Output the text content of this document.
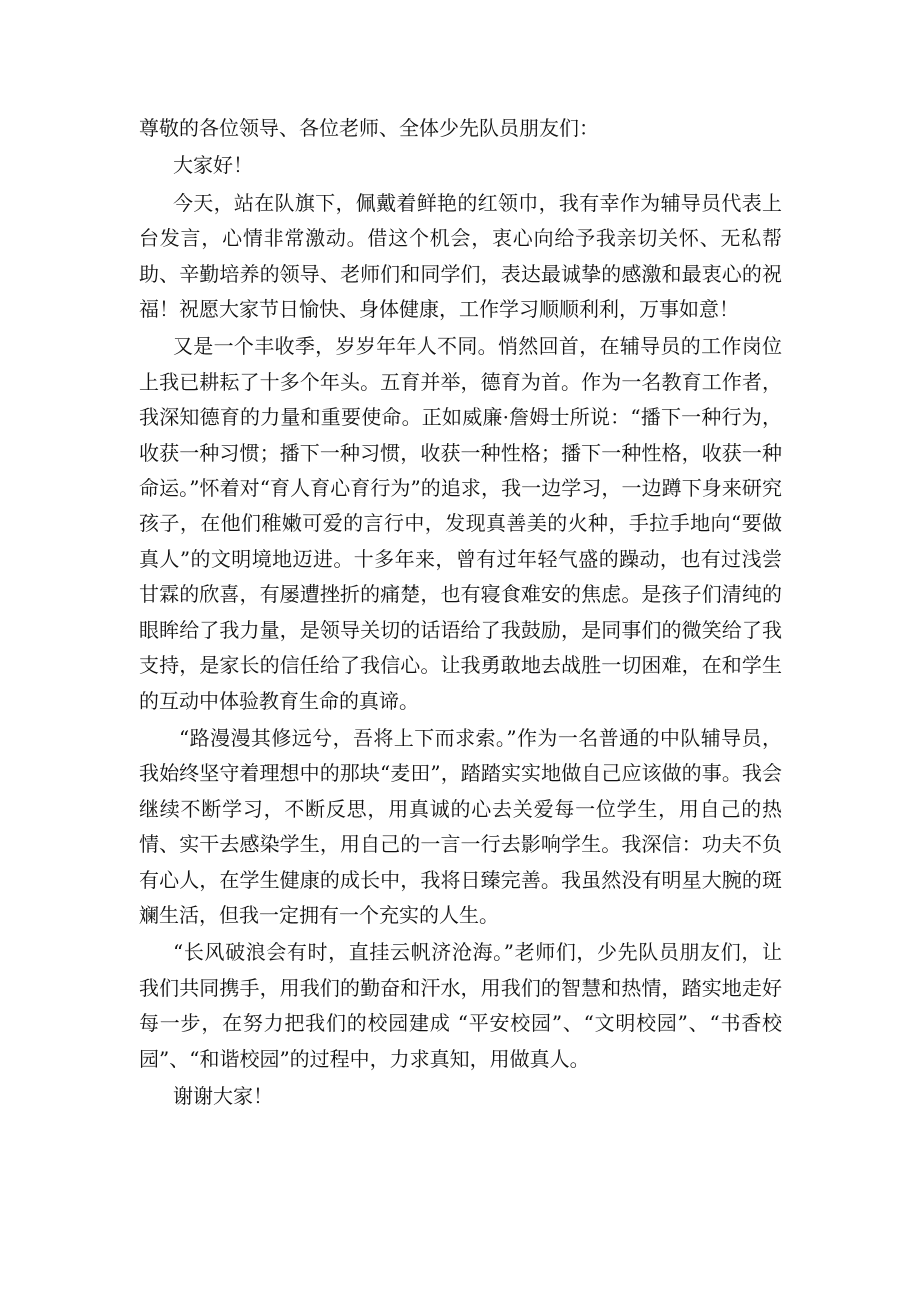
尊敬的各位领导、各位老师、全体少先队员朋友们：

大家好！

今天，站在队旗下，佩戴着鲜艳的红领巾，我有幸作为辅导员代表上台发言，心情非常激动。借这个机会，衷心向给予我亲切关怀、无私帮助、辛勤培养的领导、老师们和同学们，表达最诚挚的感激和最衷心的祝福！祝愿大家节日愉快、身体健康，工作学习顺顺利利，万事如意！

又是一个丰收季，岁岁年年人不同。悄然回首，在辅导员的工作岗位上我已耕耘了十多个年头。五育并举，德育为首。作为一名教育工作者，我深知德育的力量和重要使命。正如威廉·詹姆士所说：“播下一种行为，收获一种习惯；播下一种习惯，收获一种性格；播下一种性格，收获一种命运。”怀着对“育人育心育行为”的追求，我一边学习，一边蹲下身来研究孩子，在他们稚嫩可爱的言行中，发现真善美的火种，手拉手地向“要做真人”的文明境地迈进。十多年来，曾有过年轻气盛的躁动，也有过浅尝甘霖的欣喜，有屡遭挫折的痛楚，也有寝食难安的焦虑。是孩子们清纯的眼眸给了我力量，是领导关切的话语给了我鼓励，是同事们的微笑给了我支持，是家长的信任给了我信心。让我勇敢地去战胜一切困难，在和学生的互动中体验教育生命的真谛。

“路漫漫其修远兮，吾将上下而求索。”作为一名普通的中队辅导员，我始终坚守着理想中的那块“麦田”，踏踏实实地做自己应该做的事。我会继续不断学习，不断反思，用真诚的心去关爱每一位学生，用自己的热情、实干去感染学生，用自己的一言一行去影响学生。我深信：功夫不负有心人，在学生健康的成长中，我将日臻完善。我虽然没有明星大腕的斑斓生活，但我一定拥有一个充实的人生。

“长风破浪会有时，直挂云帆济沧海。”老师们，少先队员朋友们，让我们共同携手，用我们的勤奋和汗水，用我们的智慧和热情，踏实地走好每一步，在努力把我们的校园建成 “平安校园”、“文明校园”、“书香校园”、“和谐校园”的过程中，力求真知，用做真人。

谢谢大家！
